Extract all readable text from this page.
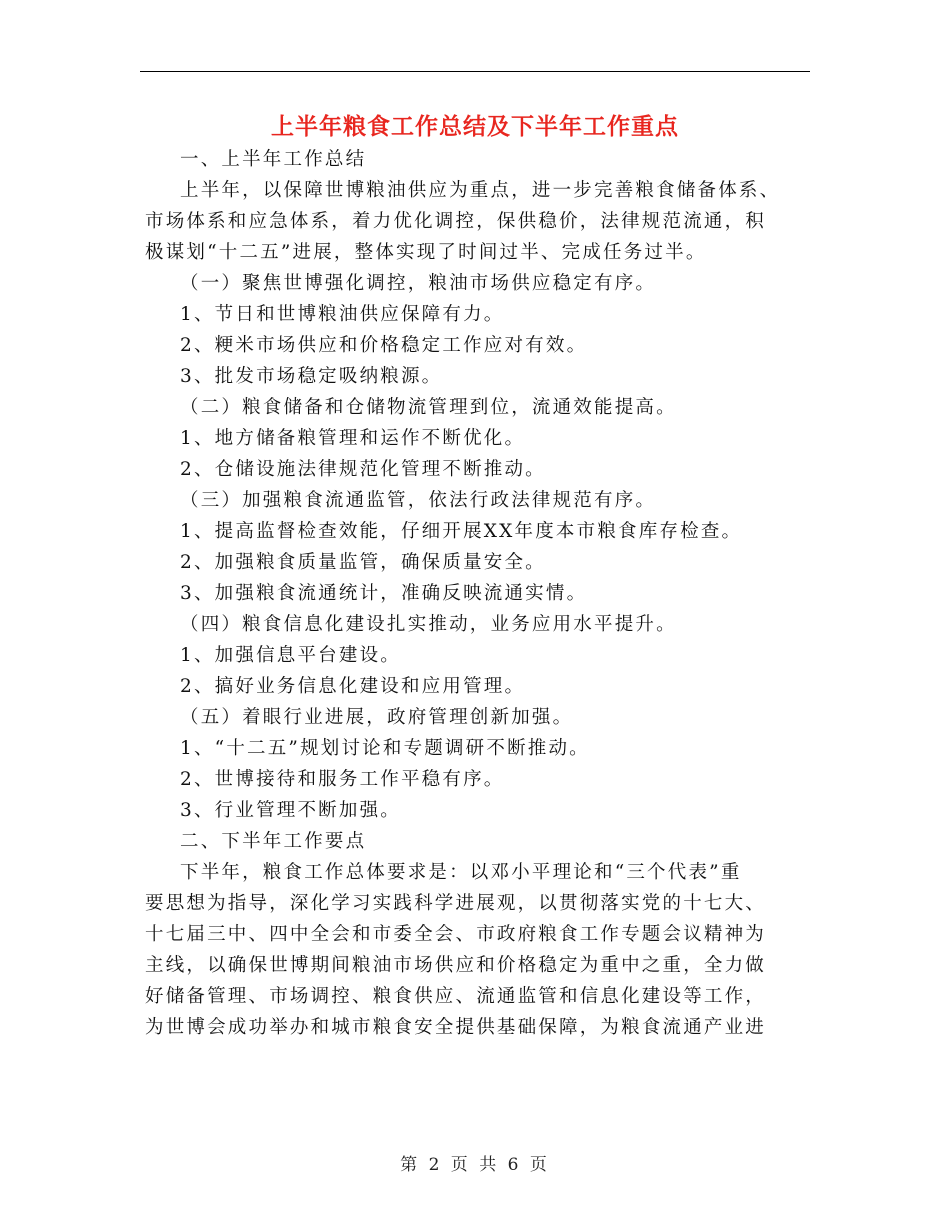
上半年粮食工作总结及下半年工作重点

一、上半年工作总结

上半年，以保障世博粮油供应为重点，进一步完善粮食储备体系、

市场体系和应急体系，着力优化调控，保供稳价，法律规范流通，积

极谋划“十二五”进展，整体实现了时间过半、完成任务过半。

（一）聚焦世博强化调控，粮油市场供应稳定有序。

1、节日和世博粮油供应保障有力。

2、粳米市场供应和价格稳定工作应对有效。

3、批发市场稳定吸纳粮源。

（二）粮食储备和仓储物流管理到位，流通效能提高。

1、地方储备粮管理和运作不断优化。

2、仓储设施法律规范化管理不断推动。

（三）加强粮食流通监管，依法行政法律规范有序。

1、提高监督检查效能，仔细开展XX年度本市粮食库存检查。

2、加强粮食质量监管，确保质量安全。

3、加强粮食流通统计，准确反映流通实情。

（四）粮食信息化建设扎实推动，业务应用水平提升。

1、加强信息平台建设。

2、搞好业务信息化建设和应用管理。

（五）着眼行业进展，政府管理创新加强。

1、“十二五”规划讨论和专题调研不断推动。

2、世博接待和服务工作平稳有序。

3、行业管理不断加强。

二、下半年工作要点

下半年，粮食工作总体要求是：以邓小平理论和“三个代表”重

要思想为指导，深化学习实践科学进展观，以贯彻落实党的十七大、

十七届三中、四中全会和市委全会、市政府粮食工作专题会议精神为

主线，以确保世博期间粮油市场供应和价格稳定为重中之重，全力做

好储备管理、市场调控、粮食供应、流通监管和信息化建设等工作，

为世博会成功举办和城市粮食安全提供基础保障，为粮食流通产业进

第 2 页 共 6 页
